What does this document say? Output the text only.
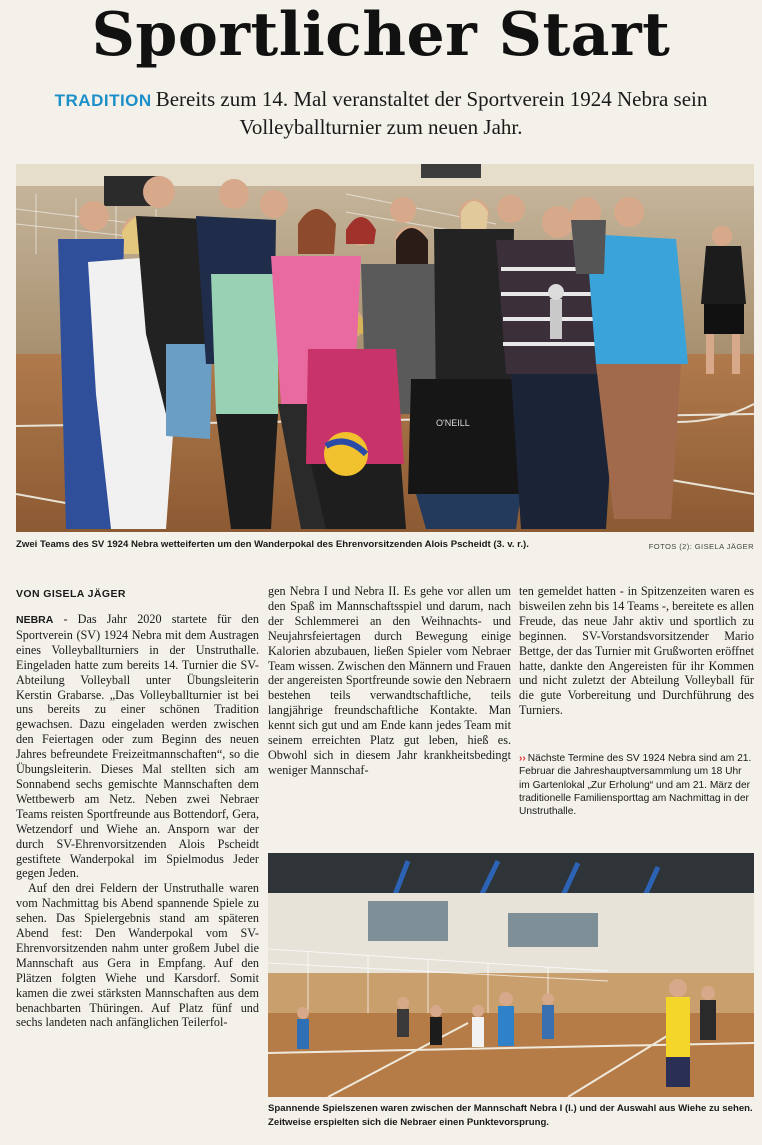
Sportlicher Start
TRADITION Bereits zum 14. Mal veranstaltet der Sportverein 1924 Nebra sein Volleyballturnier zum neuen Jahr.
O'NEILL
Zwei Teams des SV 1924 Nebra wetteiferten um den Wanderpokal des Ehrenvorsitzenden Alois Pscheidt (3. v. r.).	FOTOS (2): GISELA JÄGER
VON GISELA JÄGER

NEBRA - Das Jahr 2020 startete für den Sportverein (SV) 1924 Nebra mit dem Austragen eines Volleyballturniers in der Unstruthalle. Eingeladen hatte zum bereits 14. Turnier die SV-Abteilung Volleyball unter Übungsleiterin Kerstin Grabarse. „Das Volleyballturnier ist bei uns bereits zu einer schönen Tradition gewachsen. Dazu eingeladen werden zwischen den Feiertagen oder zum Beginn des neuen Jahres befreundete Freizeitmannschaften“, so die Übungsleiterin. Dieses Mal stellten sich am Sonnabend sechs gemischte Mannschaften dem Wettbewerb am Netz. Neben zwei Nebraer Teams reisten Sportfreunde aus Bottendorf, Gera, Wetzendorf und Wiehe an. Ansporn war der durch SV-Ehrenvorsitzenden Alois Pscheidt gestiftete Wanderpokal im Spielmodus Jeder gegen Jeden.

Auf den drei Feldern der Unstruthalle waren vom Nachmittag bis Abend spannende Spiele zu sehen. Das Spielergebnis stand am späteren Abend fest: Den Wanderpokal vom SV-Ehrenvorsitzenden nahm unter großem Jubel die Mannschaft aus Gera in Empfang. Auf den Plätzen folgten Wiehe und Karsdorf. Somit kamen die zwei stärksten Mannschaften aus dem benachbarten Thüringen. Auf Platz fünf und sechs landeten nach anfänglichen Teilerfol-

gen Nebra I und Nebra II. Es gehe vor allen um den Spaß im Mannschaftsspiel und darum, nach der Schlemmerei an den Weihnachts- und Neujahrsfeiertagen durch Bewegung einige Kalorien abzubauen, ließen Spieler vom Nebraer Team wissen. Zwischen den Männern und Frauen der angereisten Sportfreunde sowie den Nebraern bestehen teils verwandtschaftliche, teils langjährige freundschaftliche Kontakte. Man kennt sich gut und am Ende kann jedes Team mit seinem erreichten Platz gut leben, hieß es. Obwohl sich in diesem Jahr krankheitsbedingt weniger Mannschaf-

ten gemeldet hatten - in Spitzenzeiten waren es bisweilen zehn bis 14 Teams -, bereitete es allen Freude, das neue Jahr aktiv und sportlich zu beginnen. SV-Vorstandsvorsitzender Mario Bettge, der das Turnier mit Grußworten eröffnet hatte, dankte den Angereisten für ihr Kommen und nicht zuletzt der Abteilung Volleyball für die gute Vorbereitung und Durchführung des Turniers.

›› Nächste Termine des SV 1924 Nebra sind am 21. Februar die Jahreshauptversammlung um 18 Uhr im Gartenlokal „Zur Erholung“ und am 21. März der traditionelle Familiensporttag am Nachmittag in der Unstruthalle.
Spannende Spielszenen waren zwischen der Mannschaft Nebra I (l.) und der Auswahl aus Wiehe zu sehen. Zeitweise erspielten sich die Nebraer einen Punktevorsprung.
